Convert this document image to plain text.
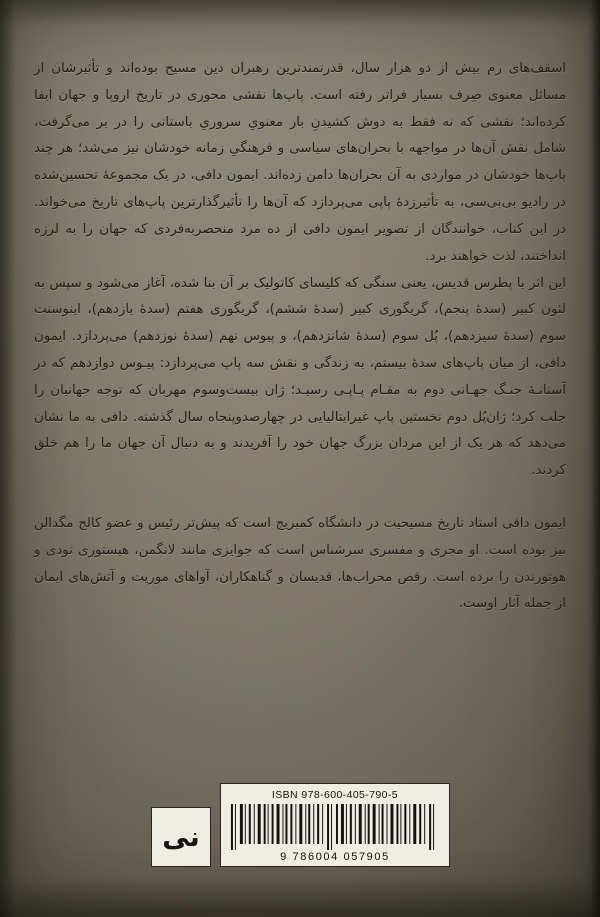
اسقف‌های رم بیش از دو هزار سال، قدرتمندترین رهبران دین مسیح بوده‌اند و تأثیرشان از مسائل معنوی صِرف بسیار فراتر رفته است. پاپ‌ها نقشی محوری در تاریخ اروپا و جهان ایفا کرده‌اند؛ نقشی که نه فقط به دوش کشیدنِ بار معنویِ سروریِ باستانی را در بر می‌گرفت، شامل نقش آن‌ها در مواجهه با بحران‌های سیاسی و فرهنگیِ زمانه خودشان نیز می‌شد؛ هر چند پاپ‌ها خودشان در مواردی به آن بحران‌ها دامن زده‌اند. ایمون دافی، در یک مجموعهٔ تحسین‌شده در رادیو بی‌بی‌سی، به تأثیرزدهٔ پاپی می‌پردازد که آن‌ها را تأثیرگذارترین پاپ‌های تاریخ می‌خواند. در این کتاب، خوانندگان از تصویر ایمون دافی از ده مرد منحصربه‌فردی که جهان را به لرزه انداختند، لذت خواهند برد.

این اثر با پطرس قدیس، یعنی سنگی که کلیسای کاتولیک بر آن بنا شده، آغاز می‌شود و سپس به لئون کبیر (سدهٔ پنجم)، گریگوری کبیر (سدهٔ ششم)، گریگوری هفتم (سدهٔ یازدهم)، اینوسنت سوم (سدهٔ سیزدهم)، پُل سوم (سدهٔ شانزدهم)، و پیوس نهم (سدهٔ نوزدهم) می‌پردازد. ایمون دافی، از میان پاپ‌های سدهٔ بیستم، به زندگی و نقش سه پاپ می‌پردازد: پیـوس دوازدهم که در آستانـهٔ جنـگ جهـانی دوم به مقـام پـاپـی رسیـد؛ ژان بیست‌وسوم مهربان که توجه جهانیان را جلب کرد؛ ژان‌پُل دوم نخستین پاپ غیرایتالیایی در چهارصدوپنجاه سال گذشته. دافی به ما نشان می‌دهد که هر یک از این مردان بزرگ جهان خود را آفریدند و به دنبال آن جهان ما را هم خلق کردند.

ایمون دافی استاد تاریخ مسیحیت در دانشگاه کمبریج است که پیش‌تر رئیس و عضو کالج مگدالن نیز بوده است. او مجری و مفسری سرشناس است که جوایزی مانند لانگمن، هیستوری تودی و هوتورندن را برده است. رقص محراب‌ها، قدیسان و گناهکاران، آواهای موریت و آتش‌های ایمان از جمله آثار اوست.

نی
ISBN 978-600-405-790-5
9 786004 057905
